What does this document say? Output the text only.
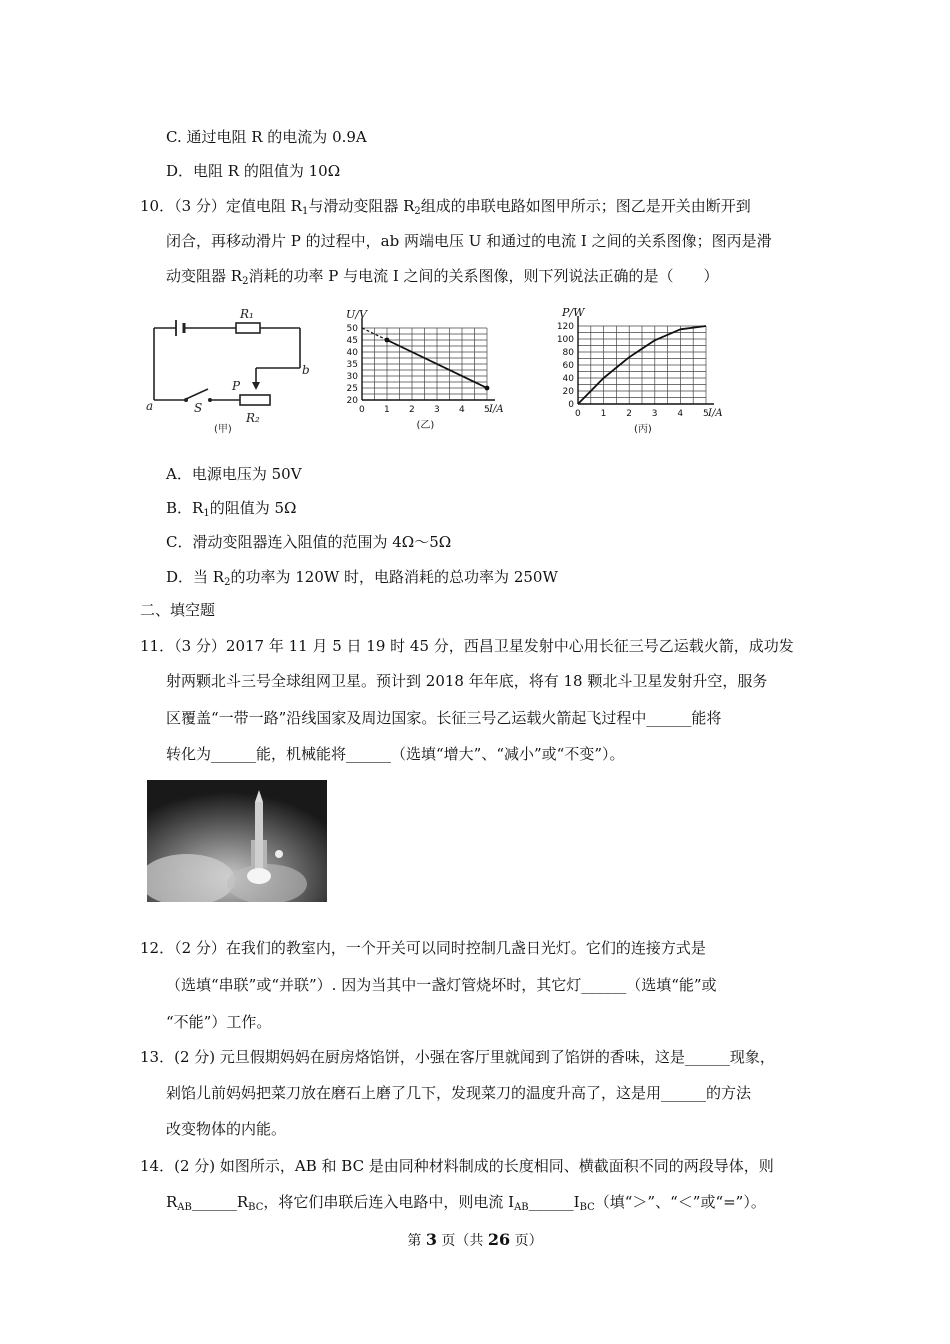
C. 通过电阻 R 的电流为 0.9A
D．电阻 R 的阻值为 10Ω
10．（3 分）定值电阻 $R_1$与滑动变阻器 $R_2$组成的串联电路如图甲所示；图乙是开关由断开到
闭合，再移动滑片 P 的过程中，ab 两端电压 U 和通过的电流 I 之间的关系图像；图丙是滑
动变阻器 $R_2$消耗的功率 P 与电流 I 之间的关系图像，则下列说法正确的是（　　）
R₁
P
R₂
a
b
S
(甲)
0 1 2 3 4 5
20
25
30
35
40
45
50
U/V
I/A
(乙)
0 1 2 3 4 5
0
20
40
60
80
100
120
P/W
I/A
(丙)
A．电源电压为 50V
B．$R_1$的阻值为 5Ω
C．滑动变阻器连入阻值的范围为 4Ω～5Ω
D．当 $R_2$的功率为 120W 时，电路消耗的总功率为 250W
二、填空题
11．（3 分）2017 年 11 月 5 日 19 时 45 分，西昌卫星发射中心用长征三号乙运载火箭，成功发
射两颗北斗三号全球组网卫星。预计到 2018 年年底，将有 18 颗北斗卫星发射升空，服务
区覆盖“一带一路”沿线国家及周边国家。长征三号乙运载火箭起飞过程中______能将
转化为______能，机械能将______（选填“增大”、“减小”或“不变”）。
12．（2 分）在我们的教室内，一个开关可以同时控制几盏日光灯。它们的连接方式是
（选填“串联”或“并联”）. 因为当其中一盏灯管烧坏时，其它灯______（选填“能”或
“不能”）工作。
13．(2 分) 元旦假期妈妈在厨房烙馅饼，小强在客厅里就闻到了馅饼的香味，这是______现象，
剁馅儿前妈妈把菜刀放在磨石上磨了几下，发现菜刀的温度升高了，这是用______的方法
改变物体的内能。
14．(2 分) 如图所示，AB 和 BC 是由同种材料制成的长度相同、横截面积不同的两段导体，则
$R_{AB}\_\_\_\_\_\_R_{BC}$，将它们串联后连入电路中，则电流 $I_{AB}\_\_\_\_\_\_I_{BC}$（填“＞”、“＜”或“=”）。
第 3 页（共 26 页）
